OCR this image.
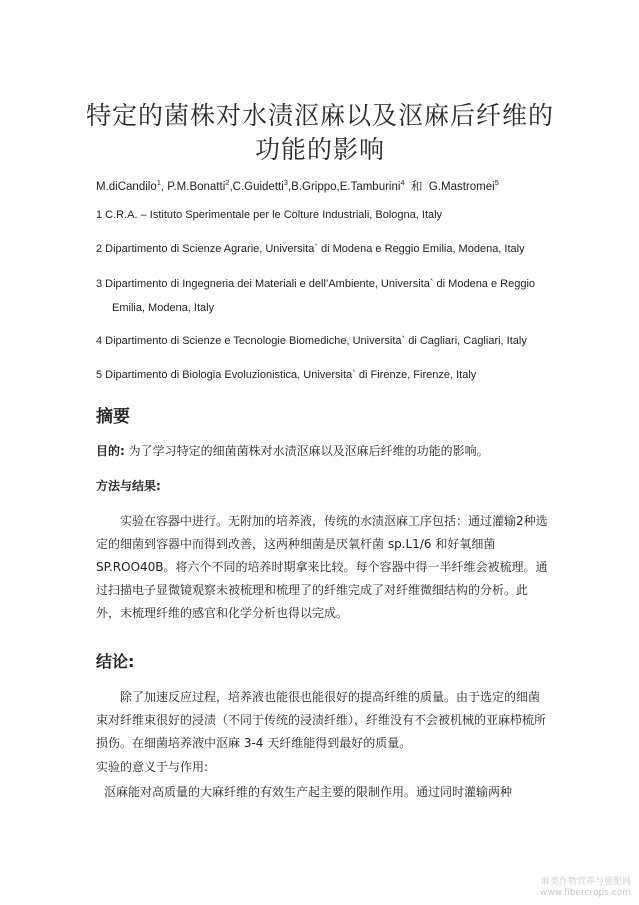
特定的菌株对水渍沤麻以及沤麻后纤维的
功能的影响
M.diCandilo$^1$, P.M.Bonatti$^2$,C.Guidetti$^3$,B.Grippo,E.Tamburini$^4$  和  G.Mastromei$^5$
1 C.R.A. – Istituto Sperimentale per le Colture Industriali, Bologna, Italy
2 Dipartimento di Scienze Agrarie, Universita` di Modena e Reggio Emilia, Modena, Italy
3 Dipartimento di Ingegneria dei Materiali e dell’Ambiente, Universita` di Modena e Reggio
Emilia, Modena, Italy
4 Dipartimento di Scienze e Tecnologie Biomediche, Universita` di Cagliari, Cagliari, Italy
5 Dipartimento di Biologia Evoluzionistica, Universita` di Firenze, Firenze, Italy
摘要
目的: 为了学习特定的细菌菌株对水渍沤麻以及沤麻后纤维的功能的影响。
方法与结果:
实验在容器中进行。无附加的培养液，传统的水渍沤麻工序包括：通过灌输2种选定的细菌到容器中而得到改善，这两种细菌是厌氧杆菌 sp.L1/6 和好氧细菌 SP.ROO40B。将六个不同的培养时期拿来比较。每个容器中得一半纤维会被梳理。通过扫描电子显微镜观察未被梳理和梳理了的纤维完成了对纤维微细结构的分析。此外，未梳理纤维的感官和化学分析也得以完成。
结论:
除了加速反应过程，培养液也能很也能很好的提高纤维的质量。由于选定的细菌束对纤维束很好的浸渍（不同于传统的浸渍纤维），纤维没有不会被机械的亚麻栉梳所损伤。在细菌培养液中沤麻 3-4 天纤维能得到最好的质量。
实验的意义于与作用:
沤麻能对高质量的大麻纤维的有效生产起主要的限制作用。通过同时灌输两种
麻类作物营养与施肥网
www.fibercrops.com
